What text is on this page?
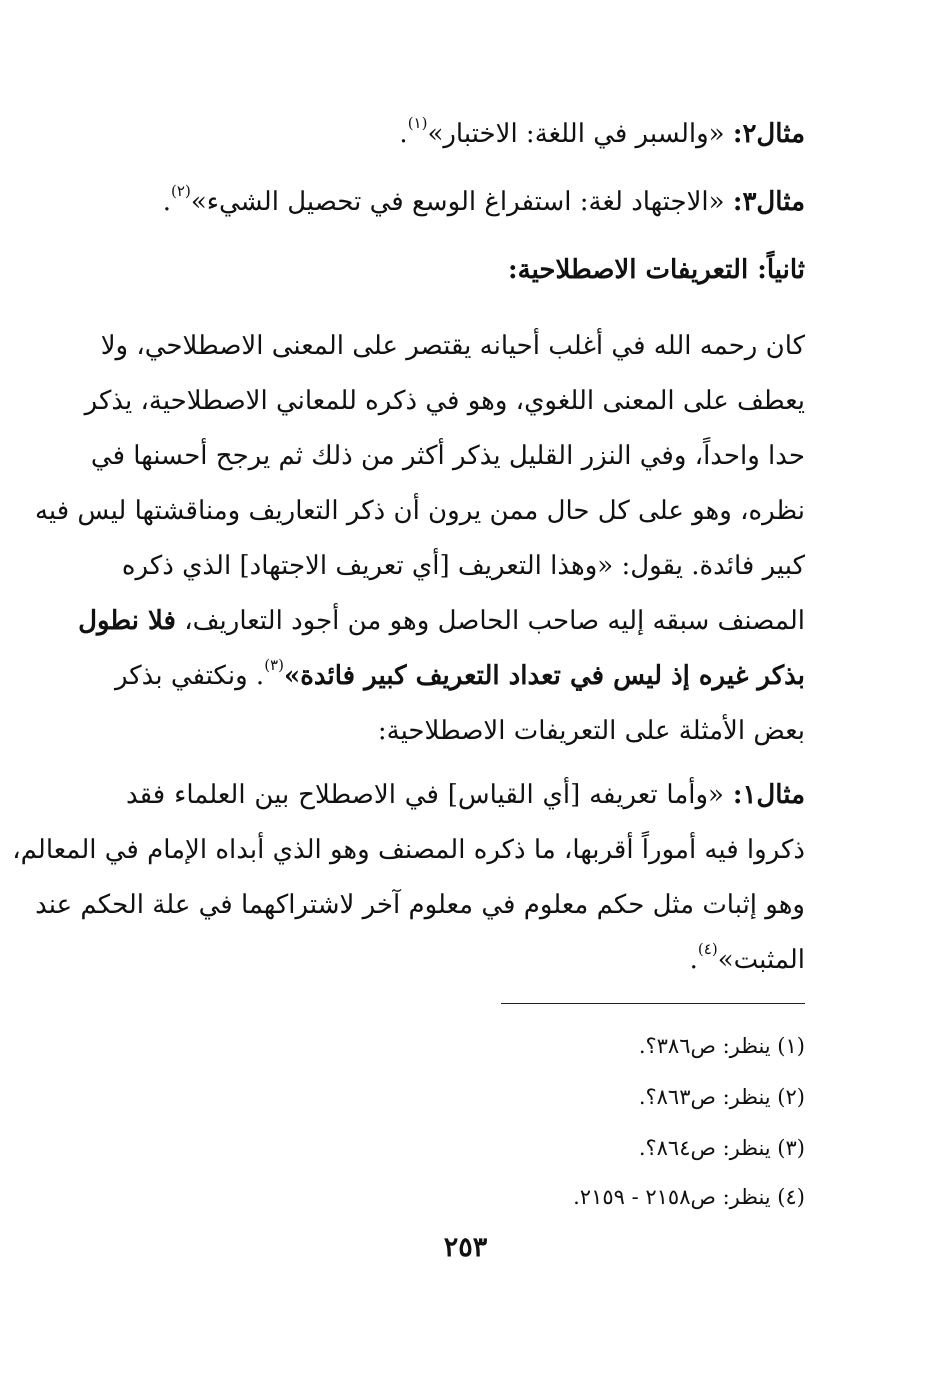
مثال٢: «والسبر في اللغة: الاختبار»$^{(١)}$.
مثال٣: «الاجتهاد لغة: استفراغ الوسع في تحصيل الشيء»$^{(٢)}$.
ثانياً: التعريفات الاصطلاحية:
كان رحمه الله في أغلب أحيانه يقتصر على المعنى الاصطلاحي، ولا
يعطف على المعنى اللغوي، وهو في ذكره للمعاني الاصطلاحية، يذكر
حدا واحداً، وفي النزر القليل يذكر أكثر من ذلك ثم يرجح أحسنها في
نظره، وهو على كل حال ممن يرون أن ذكر التعاريف ومناقشتها ليس فيه
كبير فائدة. يقول: «وهذا التعريف [أي تعريف الاجتهاد] الذي ذكره
المصنف سبقه إليه صاحب الحاصل وهو من أجود التعاريف، فلا نطول
بذكر غيره إذ ليس في تعداد التعريف كبير فائدة»$^{(٣)}$. ونكتفي بذكر
بعض الأمثلة على التعريفات الاصطلاحية:
مثال١: «وأما تعريفه [أي القياس] في الاصطلاح بين العلماء فقد
ذكروا فيه أموراً أقربها، ما ذكره المصنف وهو الذي أبداه الإمام في المعالم،
وهو إثبات مثل حكم معلوم في معلوم آخر لاشتراكهما في علة الحكم عند
المثبت»$^{(٤)}$.
(١) ينظر: ص٣٨٦؟.
(٢) ينظر: ص٨٦٣؟.
(٣) ينظر: ص٨٦٤؟.
(٤) ينظر: ص٢١٥٨ - ٢١٥٩.
٢٥٣
